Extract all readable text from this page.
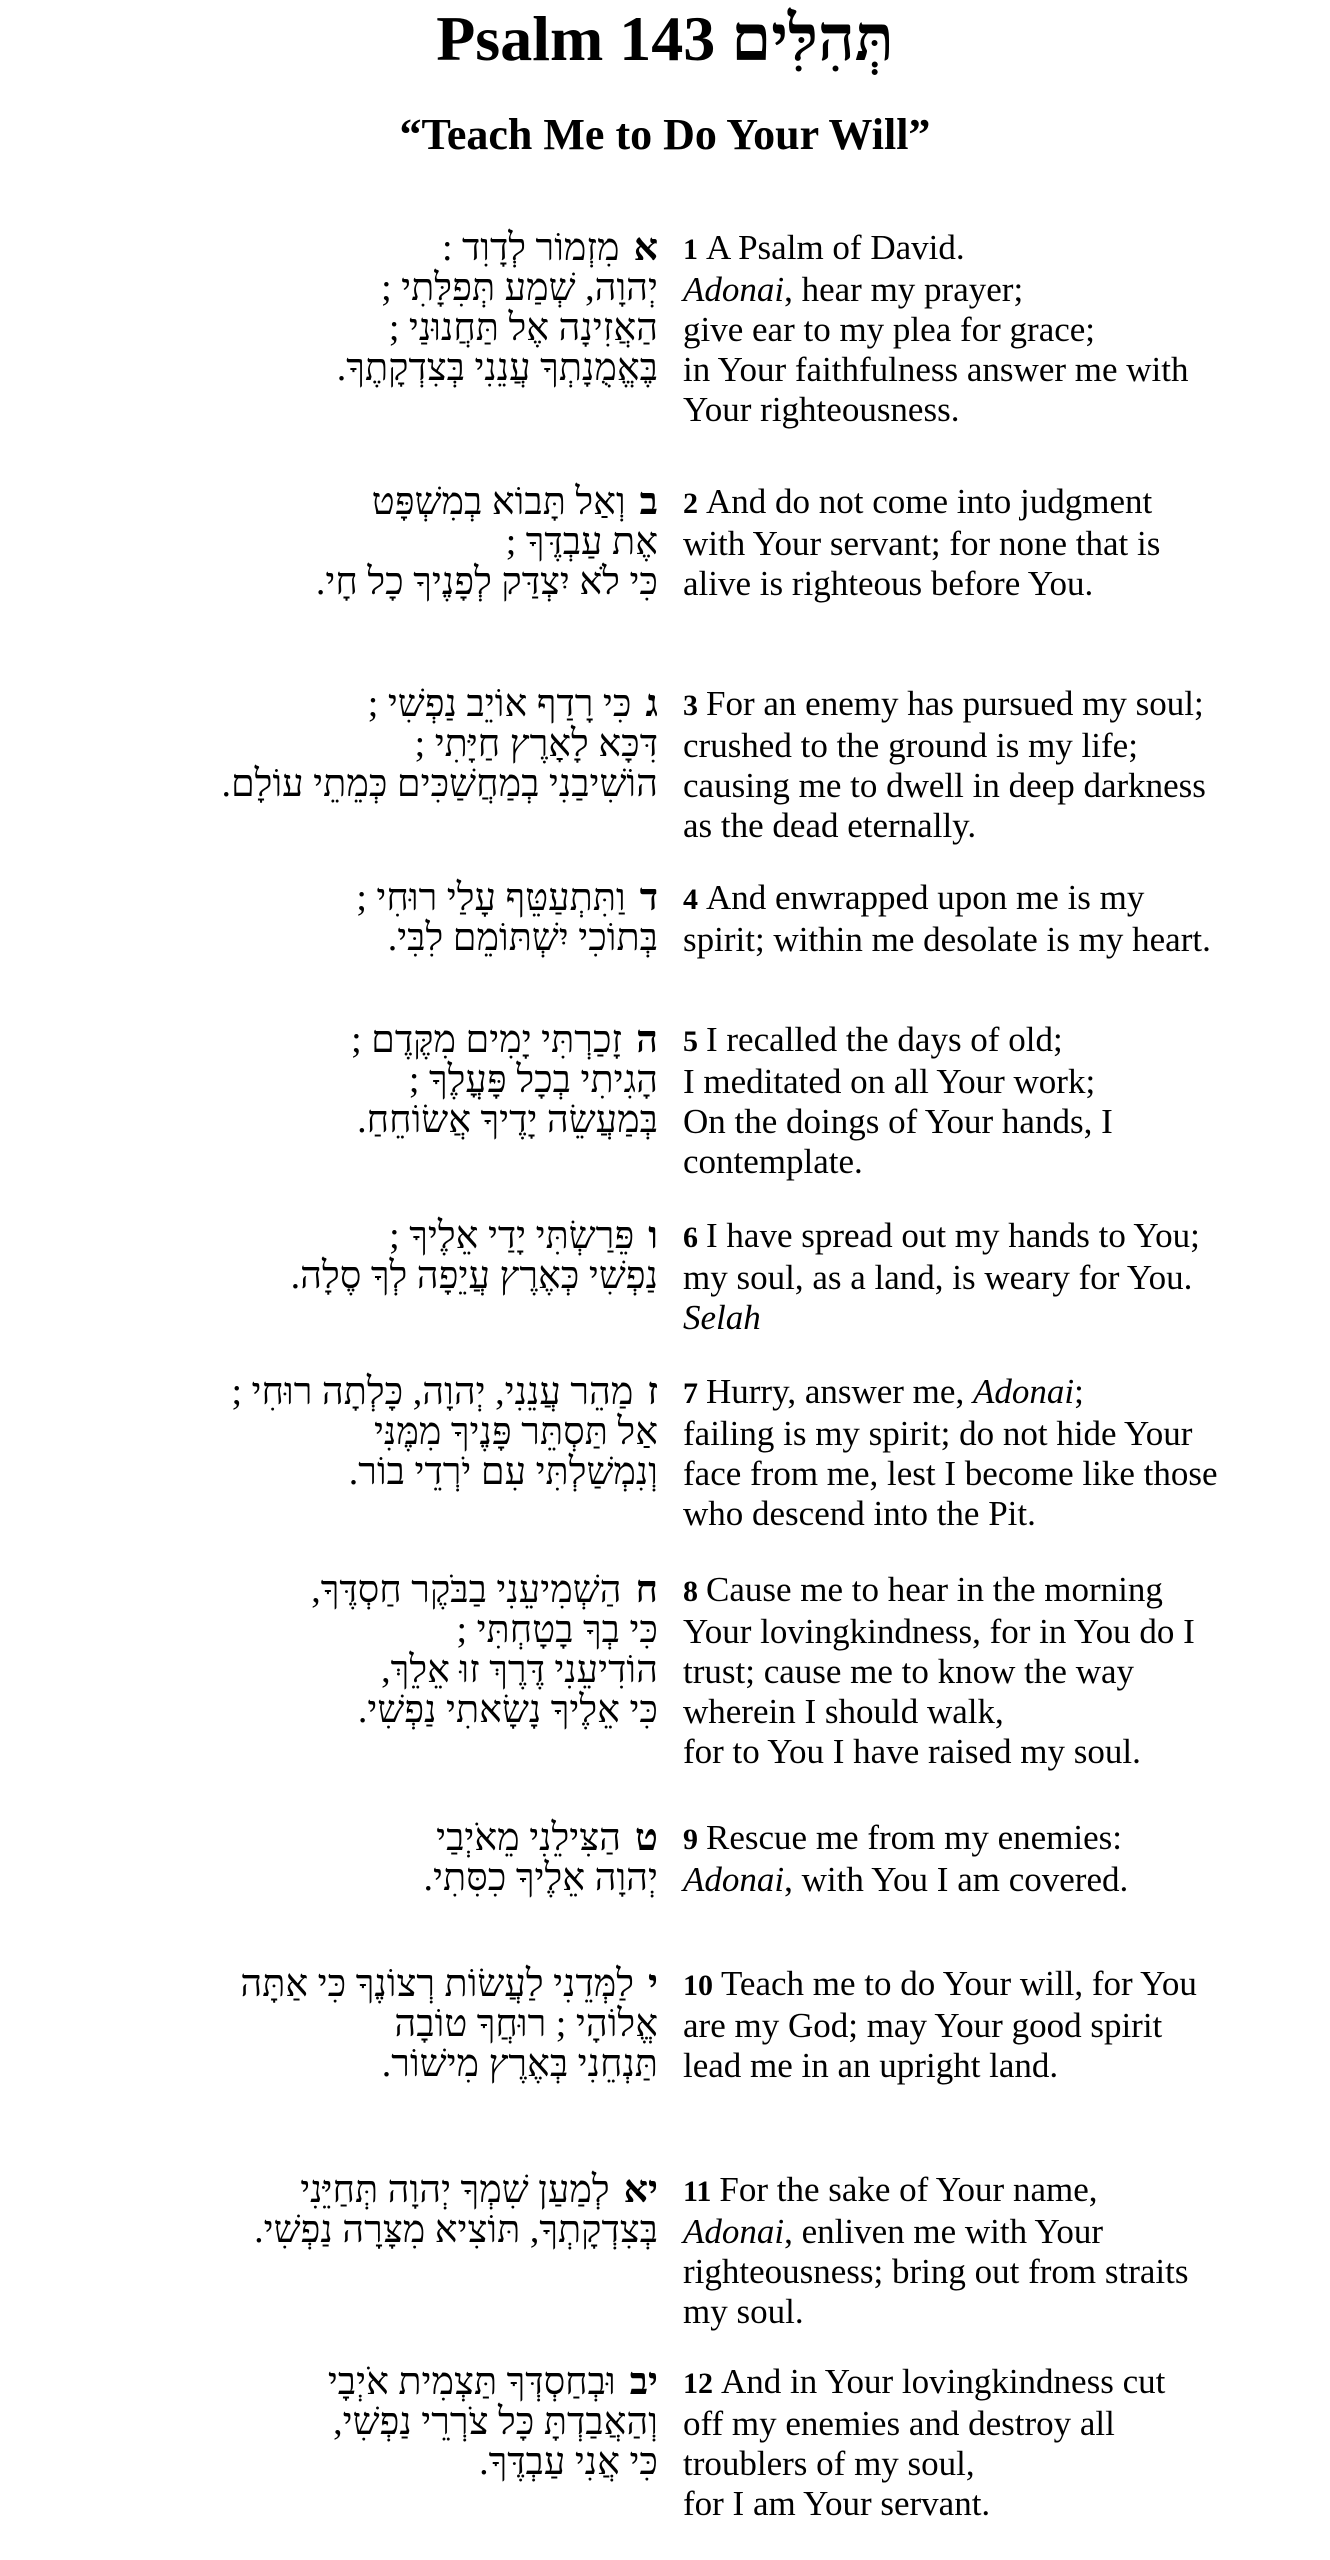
Psalm 143 תְּהִלִּים
“Teach Me to Do Your Will”
אמִזְמוֹר לְדָוִד :
יְהוָה, שְׁמַע תְּפִלָּתִי ;
הַאֲזִינָה אֶל תַּחֲנוּנַי ;
בֶּאֱמֻנָתְךָ עֲנֵנִי בְּצִדְקָתֶךָ.
1 A Psalm of David.
Adonai, hear my prayer;
give ear to my plea for grace;
in Your faithfulness answer me with
Your righteousness.
בוְאַל תָּבוֹא בְמִשְׁפָּט
אֶת עַבְדֶּךָ ;
כִּי לֹא יִצְדַּק לְפָנֶיךָ כָל חָי.
2 And do not come into judgment
with Your servant; for none that is
alive is righteous before You.
גכִּי רָדַף אוֹיֵב נַפְשִׁי ;
דִּכָּא לָאָרֶץ חַיָּתִי ;
הוֹשִׁיבַנִי בְמַחֲשַׁכִּים כְּמֵתֵי עוֹלָם.
3 For an enemy has pursued my soul;
crushed to the ground is my life;
causing me to dwell in deep darkness
as the dead eternally.
דוַתִּתְעַטֵּף עָלַי רוּחִי ;
בְּתוֹכִי יִשְׁתּוֹמֵם לִבִּי.
4 And enwrapped upon me is my
spirit; within me desolate is my heart.
הזָכַרְתִּי יָמִים מִקֶּדֶם ;
הָגִיתִי בְכָל פָּעֳלֶךָ ;
בְּמַעֲשֵׂה יָדֶיךָ אֲשׂוֹחֵחַ.
5 I recalled the days of old;
I meditated on all Your work;
On the doings of Your hands, I
contemplate.
ופֵּרַשְׂתִּי יָדַי אֵלֶיךָ ;
נַפְשִׁי כְּאֶרֶץ עֲיֵפָה לְךָ סֶלָה.
6 I have spread out my hands to You;
my soul, as a land, is weary for You.
Selah
זמַהֵר עֲנֵנִי, יְהוָה, כָּלְתָה רוּחִי ;
אַל תַּסְתֵּר פָּנֶיךָ מִמֶּנִּי
וְנִמְשַׁלְתִּי עִם יֹרְדֵי בוֹר.
7 Hurry, answer me, Adonai;
failing is my spirit; do not hide Your
face from me, lest I become like those
who descend into the Pit.
חהַשְׁמִיעֵנִי בַבֹּקֶר חַסְדֶּךָ,
כִּי בְךָ בָטָחְתִּי ;
הוֹדִיעֵנִי דֶּרֶךְ זוּ אֵלֵךְ,
כִּי אֵלֶיךָ נָשָׂאתִי נַפְשִׁי.
8 Cause me to hear in the morning
Your lovingkindness, for in You do I
trust; cause me to know the way
wherein I should walk,
for to You I have raised my soul.
טהַצִּילֵנִי מֵאֹיְבַי
יְהוָה אֵלֶיךָ כִסִּתִי.
9 Rescue me from my enemies:
Adonai, with You I am covered.
ילַמְּדֵנִי לַעֲשׂוֹת רְצוֹנֶךָ כִּי אַתָּה
אֱלוֹהָי ; רוּחֲךָ טוֹבָה
תַּנְחֵנִי בְּאֶרֶץ מִישׁוֹר.
10 Teach me to do Your will, for You
are my God; may Your good spirit
lead me in an upright land.
יאלְמַעַן שִׁמְךָ יְהוָה תְּחַיֵּנִי
בְּצִדְקָתְךָ, תּוֹצִיא מִצָּרָה נַפְשִׁי.
11 For the sake of Your name,
Adonai, enliven me with Your
righteousness; bring out from straits
my soul.
יבוּבְחַסְדְּךָ תַּצְמִית אֹיְבָי
וְהַאֲבַדְתָּ כָּל צֹרְרֵי נַפְשִׁי,
כִּי אֲנִי עַבְדֶּךָ.
12 And in Your lovingkindness cut
off my enemies and destroy all
troublers of my soul,
for I am Your servant.
